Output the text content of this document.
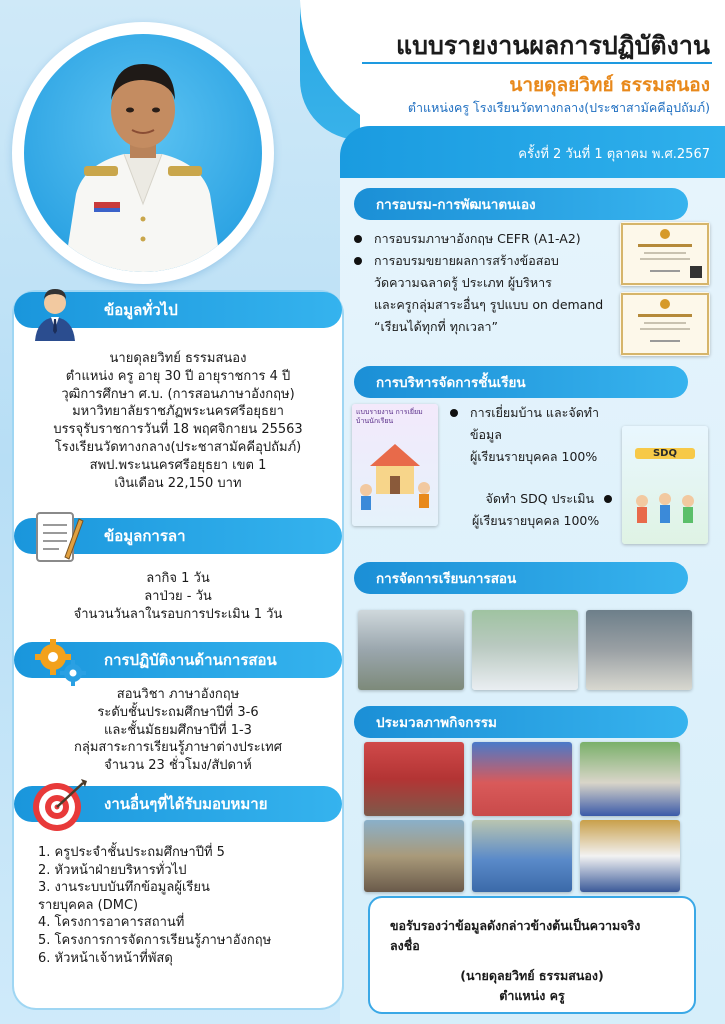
แบบรายงานผลการปฏิบัติงาน
นายดุลยวิทย์ ธรรมสนอง
ตำแหน่งครู โรงเรียนวัดทางกลาง(ประชาสามัคคีอุปถัมภ์)
ครั้งที่ 2 วันที่ 1 ตุลาคม พ.ศ.2567
ข้อมูลทั่วไป
นายดุลยวิทย์ ธรรมสนอง
ตำแหน่ง ครู อายุ 30 ปี อายุราชการ 4 ปี
วุฒิการศึกษา ศ.บ. (การสอนภาษาอังกฤษ)
มหาวิทยาลัยราชภัฏพระนครศรีอยุธยา
บรรจุรับราชการวันที่ 18 พฤศจิกายน 25563
โรงเรียนวัดทางกลาง(ประชาสามัคคีอุปถัมภ์)
สพป.พระนนครศรีอยุธยา เขต 1
เงินเดือน 22,150 บาท
ข้อมูลการลา
ลากิจ 1 วัน
ลาป่วย - วัน
จำนวนวันลาในรอบการประเมิน 1 วัน
การปฏิบัติงานด้านการสอน
สอนวิชา ภาษาอังกฤษ
ระดับชั้นประถมศึกษาปีที่ 3-6
และชั้นมัธยมศึกษาปีที่ 1-3
กลุ่มสาระการเรียนรู้ภาษาต่างประเทศ
จำนวน 23 ชั่วโมง/สัปดาห์
งานอื่นๆที่ได้รับมอบหมาย
1. ครูประจำชั้นประถมศึกษาปีที่ 5
2. หัวหน้าฝ่ายบริหารทั่วไป
3. งานระบบบันทึกข้อมูลผู้เรียน
รายบุคคล (DMC)
4. โครงการอาคารสถานที่
5. โครงการการจัดการเรียนรู้ภาษาอังกฤษ
6. หัวหน้าเจ้าหน้าที่พัสดุ
การอบรม-การพัฒนาตนเอง
การอบรมภาษาอังกฤษ CEFR (A1-A2)
การอบรมขยายผลการสร้างข้อสอบ
วัดความฉลาดรู้ ประเภท ผู้บริหาร
และครูกลุ่มสาระอื่นๆ รูปแบบ on demand
“เรียนได้ทุกที่ ทุกเวลา”
การบริหารจัดการชั้นเรียน
แบบรายงาน การเยี่ยมบ้านนักเรียน
การเยี่ยมบ้าน และจัดทำข้อมูล
ผู้เรียนรายบุคคล 100%
จัดทำ SDQ ประเมิน
ผู้เรียนรายบุคคล 100%
SDQ
การจัดการเรียนการสอน
ประมวลภาพกิจกรรม
ขอรับรองว่าข้อมูลดังกล่าวข้างต้นเป็นความจริง
ลงชื่อ
(นายดุลยวิทย์ ธรรมสนอง)
ตำแหน่ง ครู
